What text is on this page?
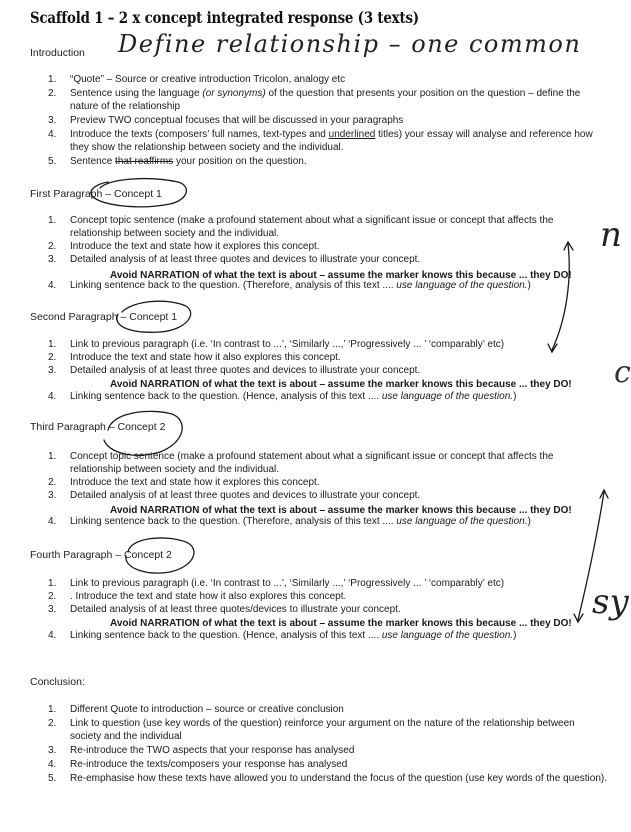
Scaffold 1 – 2 x concept integrated response (3 texts)
Introduction Define relationship – one common
1. “Quote” – Source or creative introduction Tricolon, analogy etc
2. Sentence using the language (or synonyms) of the question that presents your position on the question – define the nature of the relationship
3. Preview TWO conceptual focuses that will be discussed in your paragraphs
4. Introduce the texts (composers’ full names, text-types and underlined titles) your essay will analyse and reference how they show the relationship between society and the individual.
5. Sentence that reaffirms your position on the question.
First Paragraph – Concept 1
1. Concept topic sentence (make a profound statement about what a significant issue or concept that affects the relationship between society and the individual.
2. Introduce the text and state how it explores this concept.
3. Detailed analysis of at least three quotes and devices to illustrate your concept.
4. Linking sentence back to the question. (Therefore, analysis of this text .... use language of the question.)
Avoid NARRATION of what the text is about – assume the marker knows this because ... they DO!
Second Paragraph – Concept 1
1. Link to previous paragraph (i.e. ‘In contrast to ...’, ‘Similarly ...,’ ‘Progressively ... ’ ‘comparably’ etc)
2. Introduce the text and state how it also explores this concept.
3. Detailed analysis of at least three quotes and devices to illustrate your concept.
4. Linking sentence back to the question. (Hence, analysis of this text .... use language of the question.)
Avoid NARRATION of what the text is about – assume the marker knows this because ... they DO!
Third Paragraph – Concept 2
1. Concept topic sentence (make a profound statement about what a significant issue or concept that affects the relationship between society and the individual.
2. Introduce the text and state how it explores this concept.
3. Detailed analysis of at least three quotes and devices to illustrate your concept.
4. Linking sentence back to the question. (Therefore, analysis of this text .... use language of the question.)
Avoid NARRATION of what the text is about – assume the marker knows this because ... they DO!
Fourth Paragraph – Concept 2
1. Link to previous paragraph (i.e. ‘In contrast to ...’, ‘Similarly ...,’ ‘Progressively ... ’ ‘comparably’ etc)
2. . Introduce the text and state how it also explores this concept.
3. Detailed analysis of at least three quotes/devices to illustrate your concept.
4. Linking sentence back to the question. (Hence, analysis of this text .... use language of the question.)
Avoid NARRATION of what the text is about – assume the marker knows this because ... they DO!
Conclusion:
1. Different Quote to introduction – source or creative conclusion
2. Link to question (use key words of the question) reinforce your argument on the nature of the relationship between society and the individual
3. Re-introduce the TWO aspects that your response has analysed
4. Re-introduce the texts/composers your response has analysed
5. Re-emphasise how these texts have allowed you to understand the focus of the question (use key words of the question).
n
c
sy
